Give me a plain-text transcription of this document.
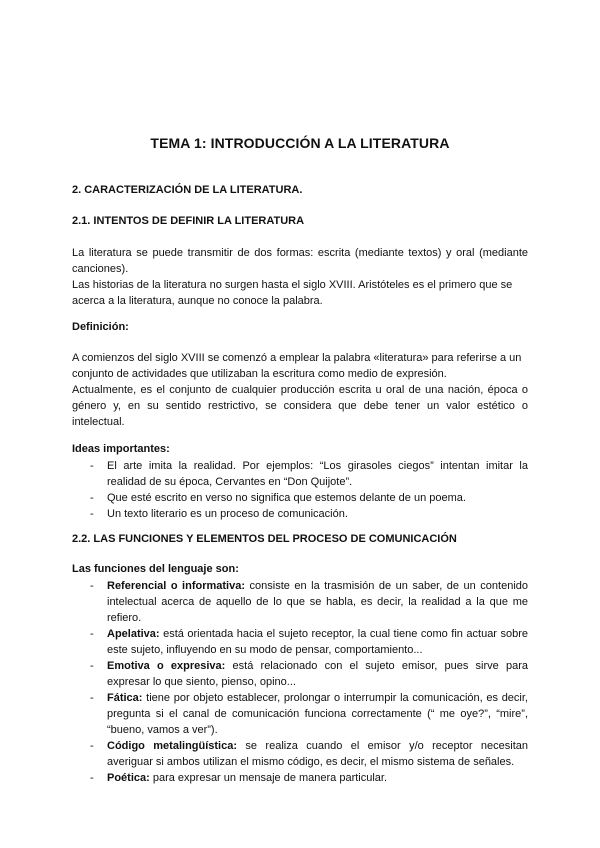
TEMA 1: INTRODUCCIÓN A LA LITERATURA
2. CARACTERIZACIÓN DE LA LITERATURA.
2.1. INTENTOS DE DEFINIR LA LITERATURA
La literatura se puede transmitir de dos formas: escrita (mediante textos) y oral (mediante canciones).
Las historias de la literatura no surgen hasta el siglo XVIII. Aristóteles es el primero que se acerca a la literatura, aunque no conoce la palabra.
Definición:
A comienzos del siglo XVIII se comenzó a emplear la palabra «literatura» para referirse a un conjunto de actividades que utilizaban la escritura como medio de expresión.
Actualmente, es el conjunto de cualquier producción escrita u oral de una nación, época o género y, en su sentido restrictivo, se considera que debe tener un valor estético o intelectual.
Ideas importantes:
- El arte imita la realidad. Por ejemplos: “Los girasoles ciegos” intentan imitar la realidad de su época, Cervantes en “Don Quijote”.
- Que esté escrito en verso no significa que estemos delante de un poema.
- Un texto literario es un proceso de comunicación.
2.2. LAS FUNCIONES Y ELEMENTOS DEL PROCESO DE COMUNICACIÓN
Las funciones del lenguaje son:
- Referencial o informativa: consiste en la trasmisión de un saber, de un contenido intelectual acerca de aquello de lo que se habla, es decir, la realidad a la que me refiero.
- Apelativa: está orientada hacia el sujeto receptor, la cual tiene como fin actuar sobre este sujeto, influyendo en su modo de pensar, comportamiento...
- Emotiva o expresiva: está relacionado con el sujeto emisor, pues sirve para expresar lo que siento, pienso, opino...
- Fática: tiene por objeto establecer, prolongar o interrumpir la comunicación, es decir, pregunta si el canal de comunicación funciona correctamente (“ me oye?”, “mire”, “bueno, vamos a ver”).
- Código metalingüística: se realiza cuando el emisor y/o receptor necesitan averiguar si ambos utilizan el mismo código, es decir, el mismo sistema de señales.
- Poética: para expresar un mensaje de manera particular.
